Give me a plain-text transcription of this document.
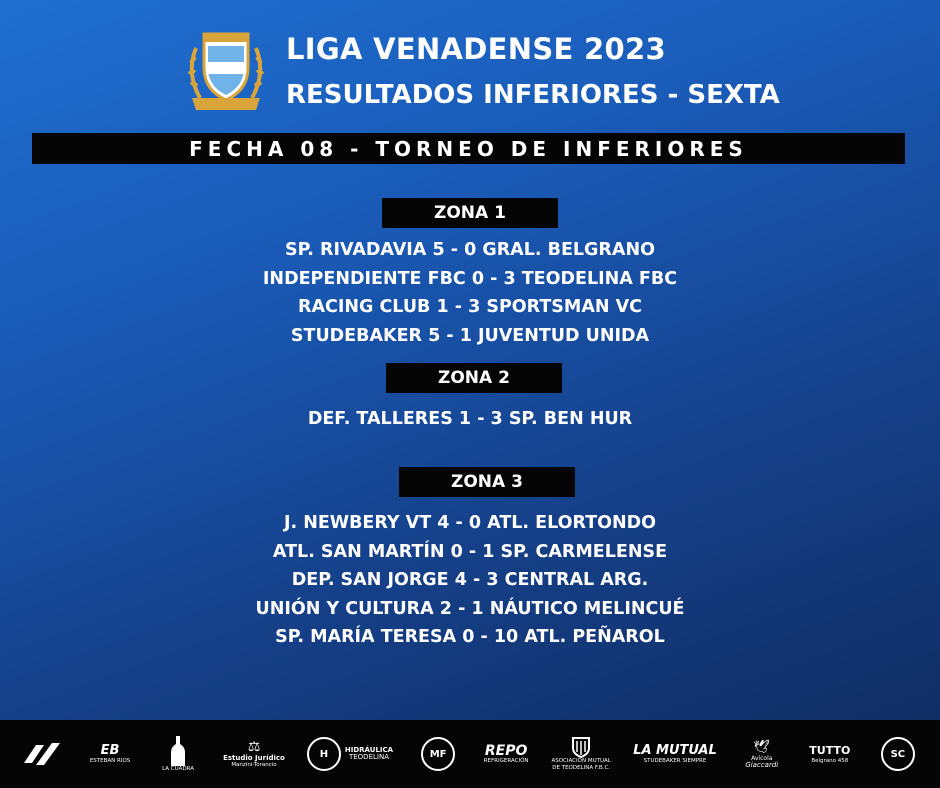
LIGA VENADENSE 2023
RESULTADOS INFERIORES - SEXTA
FECHA 08 - TORNEO DE INFERIORES
ZONA 1
SP. RIVADAVIA 5 - 0 GRAL. BELGRANO
INDEPENDIENTE FBC 0 - 3 TEODELINA FBC
RACING CLUB 1 - 3 SPORTSMAN VC
STUDEBAKER 5 - 1 JUVENTUD UNIDA
ZONA 2
DEF. TALLERES 1 - 3 SP. BEN HUR
ZONA 3
J. NEWBERY VT 4 - 0 ATL. ELORTONDO
ATL. SAN MARTÍN 0 - 1 SP. CARMELENSE
DEP. SAN JORGE 4 - 3 CENTRAL ARG.
UNIÓN Y CULTURA 2 - 1 NÁUTICO MELINCUÉ
SP. MARÍA TERESA 0 - 10 ATL. PEÑAROL
EB
ESTEBAN RIOS
LA CUADRA
⚖
Estudio Jurídico
Manzini-Torancio
H	HIDRÁULICA
TEODELINA	MF	REPO
REFRIGERACIÓN	ASOCIACIÓN MUTUAL DE TEODELINA F.B.C.
LA MUTUAL
STUDEBAKER SIEMPRE
🕊
Avícola
Giaccardi
TUTTO
Belgrano 458
SC
